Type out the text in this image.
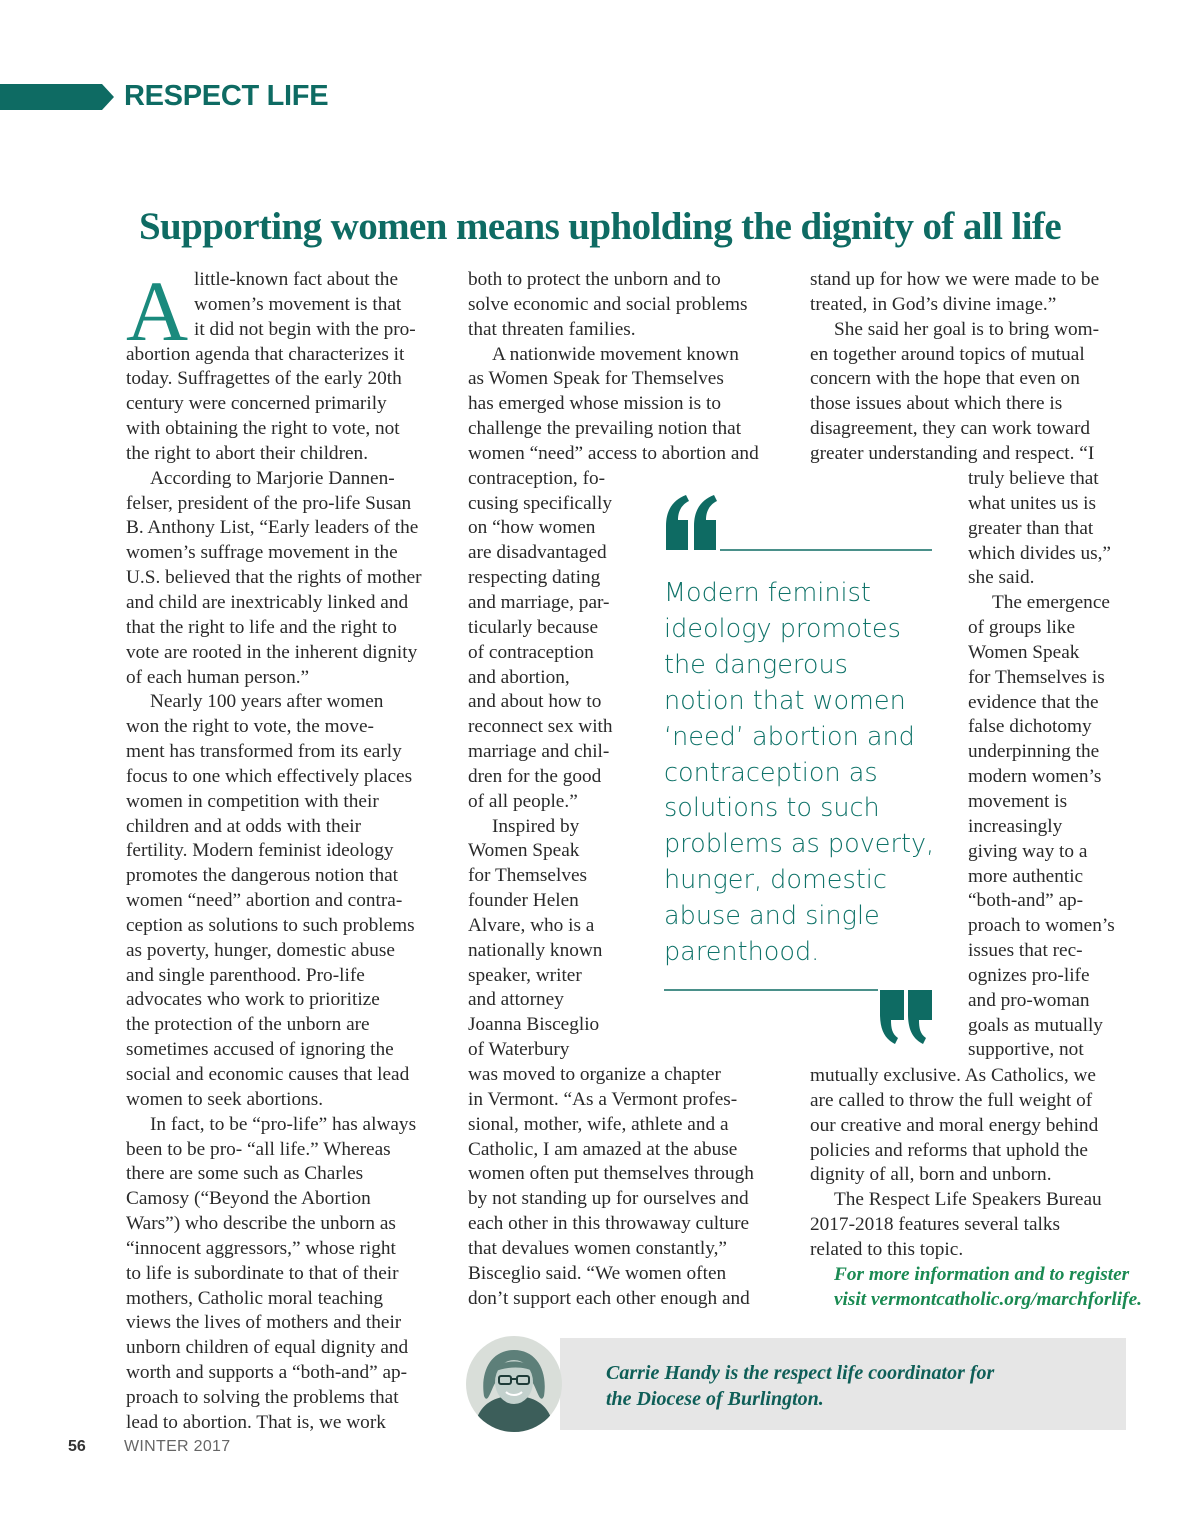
RESPECT LIFE
Supporting women means upholding the dignity of all life
A little-known fact about the
women’s movement is that
it did not begin with the pro-
abortion agenda that characterizes it
today. Suffragettes of the early 20th
century were concerned primarily
with obtaining the right to vote, not
the right to abort their children.
According to Marjorie Dannen-
felser, president of the pro-life Susan
B. Anthony List, “Early leaders of the
women’s suffrage movement in the
U.S. believed that the rights of mother
and child are inextricably linked and
that the right to life and the right to
vote are rooted in the inherent dignity
of each human person.”
Nearly 100 years after women
won the right to vote, the move-
ment has transformed from its early
focus to one which effectively places
women in competition with their
children and at odds with their
fertility. Modern feminist ideology
promotes the dangerous notion that
women “need” abortion and contra-
ception as solutions to such problems
as poverty, hunger, domestic abuse
and single parenthood. Pro-life
advocates who work to prioritize
the protection of the unborn are
sometimes accused of ignoring the
social and economic causes that lead
women to seek abortions.
In fact, to be “pro-life” has always
been to be pro- “all life.” Whereas
there are some such as Charles
Camosy (“Beyond the Abortion
Wars”) who describe the unborn as
“innocent aggressors,” whose right
to life is subordinate to that of their
mothers, Catholic moral teaching
views the lives of mothers and their
unborn children of equal dignity and
worth and supports a “both-and” ap-
proach to solving the problems that
lead to abortion. That is, we work
both to protect the unborn and to
solve economic and social problems
that threaten families.
A nationwide movement known
as Women Speak for Themselves
has emerged whose mission is to
challenge the prevailing notion that
women “need” access to abortion and
contraception, fo-
cusing specifically
on “how women
are disadvantaged
respecting dating
and marriage, par-
ticularly because
of contraception
and abortion,
and about how to
reconnect sex with
marriage and chil-
dren for the good
of all people.”
Inspired by
Women Speak
for Themselves
founder Helen
Alvare, who is a
nationally known
speaker, writer
and attorney
Joanna Bisceglio
of Waterbury
was moved to organize a chapter
in Vermont. “As a Vermont profes-
sional, mother, wife, athlete and a
Catholic, I am amazed at the abuse
women often put themselves through
by not standing up for ourselves and
each other in this throwaway culture
that devalues women constantly,”
Bisceglio said. “We women often
don’t support each other enough and
stand up for how we were made to be
treated, in God’s divine image.”
She said her goal is to bring wom-
en together around topics of mutual
concern with the hope that even on
those issues about which there is
disagreement, they can work toward
greater understanding and respect. “I
truly believe that
what unites us is
greater than that
which divides us,”
she said.
The emergence
of groups like
Women Speak
for Themselves is
evidence that the
false dichotomy
underpinning the
modern women’s
movement is
increasingly
giving way to a
more authentic
“both-and” ap-
proach to women’s
issues that rec-
ognizes pro-life
and pro-woman
goals as mutually
supportive, not
mutually exclusive. As Catholics, we
are called to throw the full weight of
our creative and moral energy behind
policies and reforms that uphold the
dignity of all, born and unborn.
The Respect Life Speakers Bureau
2017-2018 features several talks
related to this topic.
For more information and to register
visit vermontcatholic.org/marchforlife.
Modern feminist
ideology promotes
the dangerous
notion that women
‘need’ abortion and
contraception as
solutions to such
problems as poverty,
hunger, domestic
abuse and single
parenthood.
Carrie Handy is the respect life coordinator for
the Diocese of Burlington.
56 WINTER 2017
